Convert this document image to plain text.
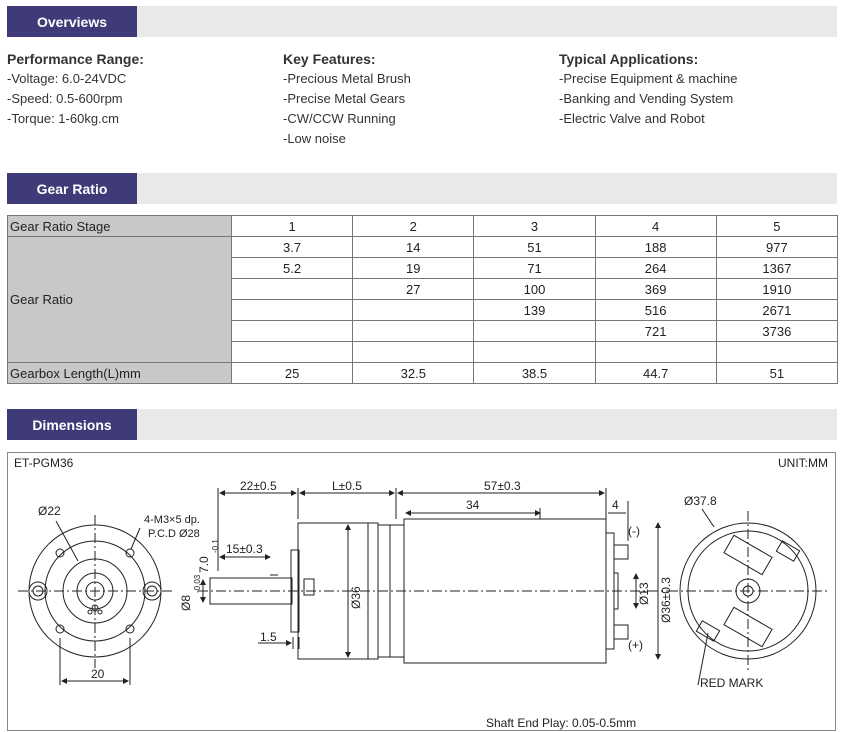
Overviews
Performance Range:
-Voltage: 6.0-24VDC
-Speed: 0.5-600rpm
-Torque: 1-60kg.cm
Key Features:
-Precious Metal Brush
-Precise Metal Gears
-CW/CCW Running
-Low noise
Typical Applications:
-Precise Equipment & machine
-Banking and Vending System
-Electric Valve and Robot
Gear Ratio
Gear Ratio Stage	1	2	3	4	5
Gear Ratio	3.7	14	51	188	977
	5.2	19	71	264	1367
		27	100	369	1910
			139	516	2671
				721	3736

Gearbox Length(L)mm	25	32.5	38.5	44.7	51
Dimensions
ET-PGM36	UNIT:MM
Ø22
4-M3×5 dp.
P.C.D Ø28
20
22±0.5	L±0.5	57±0.3
34	4
15±0.3
7.0
-0.1
Ø8
-0.03
Ø36	Ø13 Ø36±0.3
1.5
(-)
(+)
Ø37.8
RED MARK
Shaft End Play: 0.05-0.5mm
